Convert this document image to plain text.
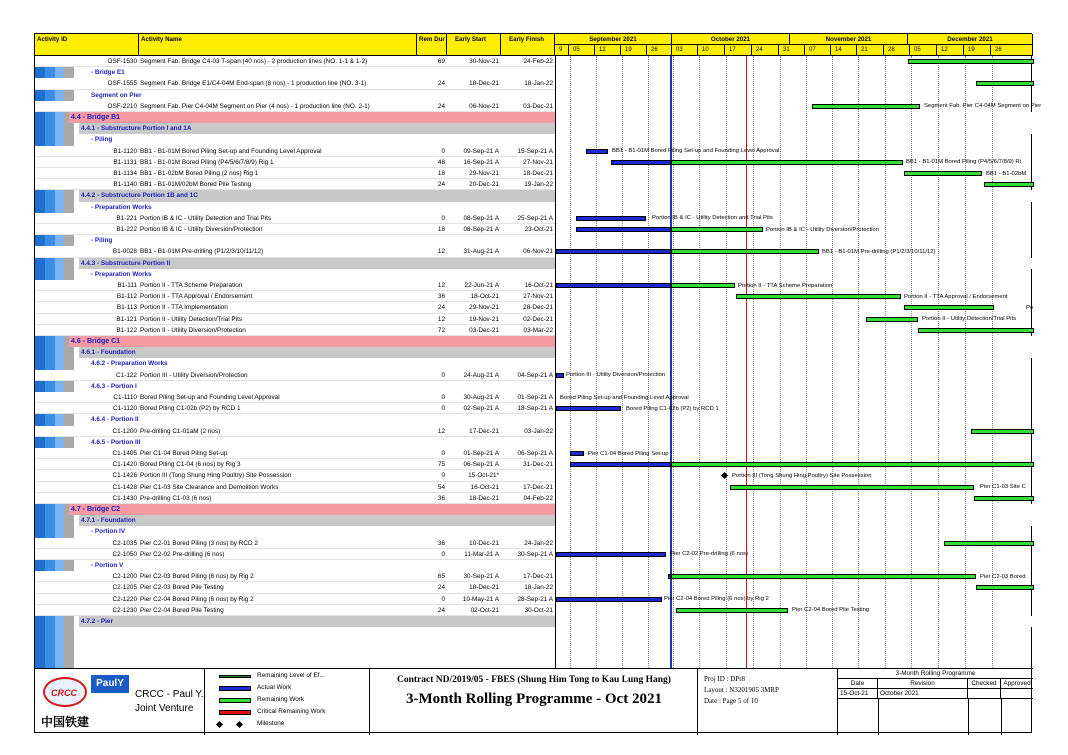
Activity ID	Activity Name	Rem Dur Early Start	Early Finish	September 2021	October 2021	November 2021	December 2021
9	05	12	19	26	03	10	17	24	31	07	14	21	28	05	12	19	26
OSF-1530 Segment Fab. Bridge C4-03 T-span (40 nos) - 2 production lines (NO. 1-1 & 1-2)	69	30-Nov-21	24-Feb-22
- Bridge E1
OSF-1555 Segment Fab. Bridge E1/C4-04M End-span (8 nos) - 1 production line (NO. 3-1)	24	18-Dec-21	18-Jan-22
Segment on Pier
OSF-2210 Segment Fab. Pier C4-04M Segment on Pier (4 nos) - 1 production line (NO. 2-1)	24	06-Nov-21	03-Dec-21
4.4 - Bridge B1
4.4.1 - Substructure Portion I and 1A
- Piling
B1-1120 BB1 - B1-01M Bored Piling Set-up and Founding Level Approval	0	09-Sep-21 A	15-Sep-21 A
B1-1131 BB1 - B1-01M Bored Piling (P4/5/6/7/8/9) Rig 1	48	16-Sep-21 A	27-Nov-21
B1-1134 BB1 - B1-02bM Bored Piling (2 nos) Rig 1	18	29-Nov-21	18-Dec-21
B1-1140 BB1 - B1-01M/02bM Bored Pile Testing	24	20-Dec-21	19-Jan-22
4.4.2 - Substructure Portion 1B and 1C
- Preparation Works
B1-221 Portion IB & IC - Utility Detection and Trial Pits	0	08-Sep-21 A	25-Sep-21 A
B1-222 Portion IB & IC - Utility Diversion/Protection	18	08-Sep-21 A	23-Oct-21
- Piling
B1-0028 BB1 - B1-01M Pre-drilling (P1/2/3/10/11/12)	12	31-Aug-21 A	06-Nov-21
4.4.3 - Substructure Portion II
- Preparation Works
B1-111 Portion II - TTA Scheme Preparation	12	22-Jun-21 A	16-Oct-21
B1-112 Portion II - TTA Approval / Endorsement	36	18-Oct-21	27-Nov-21
B1-113 Portion II - TTA Implementation	24	29-Nov-21	28-Dec-21
B1-121 Portion II - Utility Detection/Trial Pits	12	19-Nov-21	02-Dec-21
B1-122 Portion II - Utility Diversion/Protection	72	03-Dec-21	03-Mar-22
4.6 - Bridge C1
4.6.1 - Foundation
4.6.2 - Preparation Works
C1-122 Portion III - Utility Diversion/Protection	0	24-Aug-21 A	04-Sep-21 A
4.6.3 - Portion I
C1-1110 Bored Piling Set-up and Founding Level Approval	0	30-Aug-21 A	01-Sep-21 A
C1-1120 Bored Piling C1-02b (P2) by RCD 1	0	02-Sep-21 A	18-Sep-21 A
4.6.4 - Portion II
C1-1200 Pre-drilling C1-01aM (2 nos)	12	17-Dec-21	03-Jan-22
4.6.5 - Portion III
C1-1405 Pier C1-04 Bored Piling Set-up	0	01-Sep-21 A	06-Sep-21 A
C1-1420 Bored Piling C1-04 (6 nos) by Rig 3	75	06-Sep-21 A	31-Dec-21
C1-1426 Portion III (Tong Shung Hing Poultry) Site Possession	0	15-Oct-21*
C1-1428 Pier C1-03 Site Clearance and Demolition Works	54	16-Oct-21	17-Dec-21
C1-1430 Pre-drilling C1-03 (6 nos)	36	18-Dec-21	04-Feb-22
4.7 - Bridge C2
4.7.1 - Foundation
- Portion IV
C2-1035 Pier C2-01 Bored Piling (3 nos) by RCD 2	36	10-Dec-21	24-Jan-22
C2-1050 Pier C2-02 Pre-drilling (6 nos)	0	11-Mar-21 A	30-Sep-21 A
- Portion V
C2-1200 Pier C2-03 Bored Piling (6 nos) by Rig 2	65	30-Sep-21 A	17-Dec-21
C2-1205 Pier C2-03 Bored Pile Testing	24	18-Dec-21	18-Jan-22
C2-1220 Pier C2-04 Bored Piling (6 nos) by Rig 2	0	10-May-21 A	28-Sep-21 A
C2-1230 Pier C2-04 Bored Pile Testing	24	02-Oct-21	30-Oct-21
4.7.2 - Pier
Segment Fab. Pier C4-04M Segment on Pier
BB1 - B1-01M Bored Piling Set-up and Founding Level Approval
BB1 - B1-01M Bored Piling (P4/5/6/7/8/9) Ri
BB1 - B1-02bM
Portion IB & IC - Utility Detection and Trial Pits
Portion IB & IC - Utility Diversion/Protection
BB1 - B1-01M Pre-drilling (P1/2/3/10/11/12)
Portion II - TTA Scheme Preparation
Portion II - TTA Approval / Endorsement
Po
Portion II - Utility Detection/Trial Pits
Portion III - Utility Diversion/Protection
Bored Piling Set-up and Founding Level Approval
Bored Piling C1-02b (P2) by RCD 1
Pier C1-04 Bored Piling Set-up
Pier C1-03 Site C
Pier C2-02 Pre-drilling (6 nos)
Pier C2-03 Bored
Pier C2-04 Bored Piling (6 nos) by Rig 2
Pier C2-04 Bored Pile Testing
Portion III (Tong Shung Hing Poultry) Site Possession
CRCC
PaulY
中国铁建
CRCC - Paul Y.
Joint Venture
Remaining Level of Ef...
Actual Work
Remaining Work
Critical Remaining Work
Milestone
Contract ND/2019/05 - FBES (Shung Him Tong to Kau Lung Hang)
3-Month Rolling Programme - Oct 2021
Proj ID : DPr8
Layout : N3201905 3MRP
Date : Page 5 of 10
3-Month Rolling Programme
Date	Revision	Checked	Approved
15-Oct-21	October 2021
